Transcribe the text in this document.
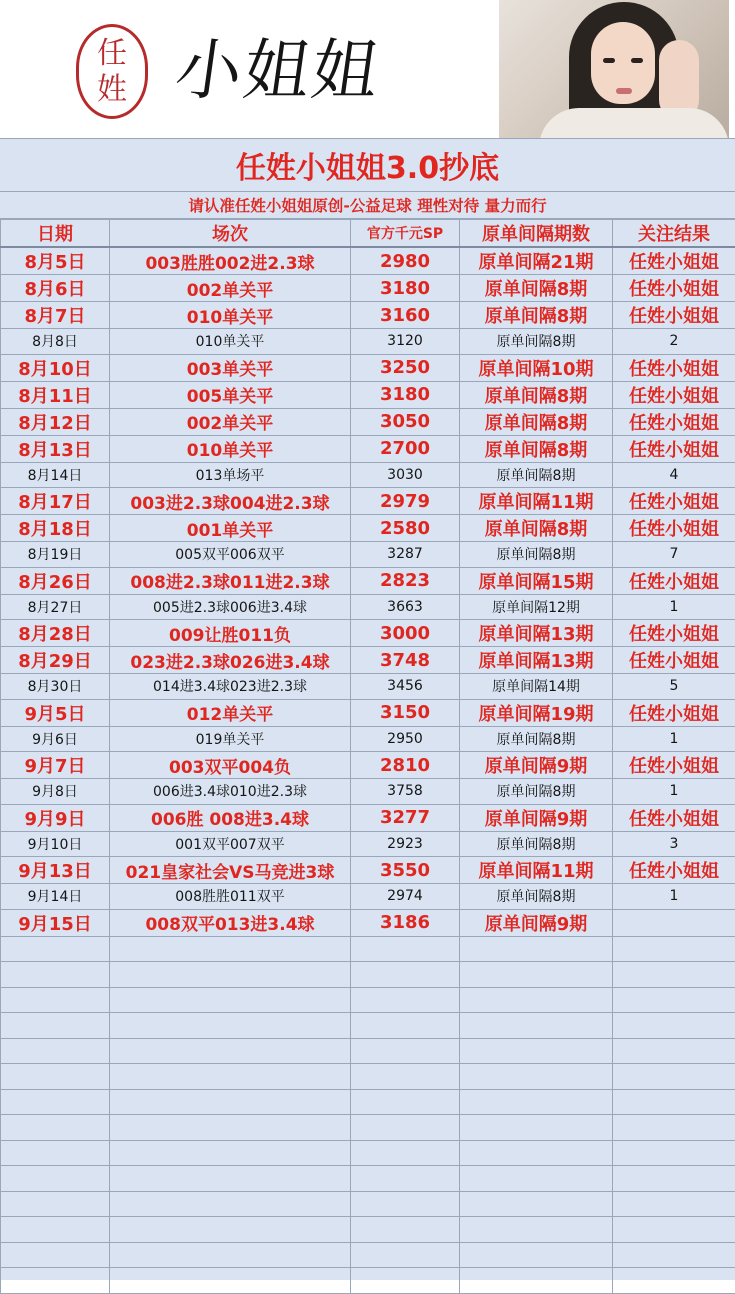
任
姓 小姐姐
任姓小姐姐3.0抄底
请认准任姓小姐姐原创-公益足球 理性对待 量力而行
日期	场次	官方千元SP	原单间隔期数	关注结果
8月5日	003胜胜002进2.3球	2980	原单间隔21期	任姓小姐姐
8月6日	002单关平	3180	原单间隔8期	任姓小姐姐
8月7日	010单关平	3160	原单间隔8期	任姓小姐姐
8月8日	010单关平	3120	原单间隔8期	2
8月10日	003单关平	3250	原单间隔10期	任姓小姐姐
8月11日	005单关平	3180	原单间隔8期	任姓小姐姐
8月12日	002单关平	3050	原单间隔8期	任姓小姐姐
8月13日	010单关平	2700	原单间隔8期	任姓小姐姐
8月14日	013单场平	3030	原单间隔8期	4
8月17日	003进2.3球004进2.3球	2979	原单间隔11期	任姓小姐姐
8月18日	001单关平	2580	原单间隔8期	任姓小姐姐
8月19日	005双平006双平	3287	原单间隔8期	7
8月26日	008进2.3球011进2.3球	2823	原单间隔15期	任姓小姐姐
8月27日	005进2.3球006进3.4球	3663	原单间隔12期	1
8月28日	009让胜011负	3000	原单间隔13期	任姓小姐姐
8月29日	023进2.3球026进3.4球	3748	原单间隔13期	任姓小姐姐
8月30日	014进3.4球023进2.3球	3456	原单间隔14期	5
9月5日	012单关平	3150	原单间隔19期	任姓小姐姐
9月6日	019单关平	2950	原单间隔8期	1
9月7日	003双平004负	2810	原单间隔9期	任姓小姐姐
9月8日	006进3.4球010进2.3球	3758	原单间隔8期	1
9月9日	006胜 008进3.4球	3277	原单间隔9期	任姓小姐姐
9月10日	001双平007双平	2923	原单间隔8期	3
9月13日	021皇家社会VS马竞进3球	3550	原单间隔11期	任姓小姐姐
9月14日	008胜胜011双平	2974	原单间隔8期	1
9月15日	008双平013进3.4球	3186	原单间隔9期	
